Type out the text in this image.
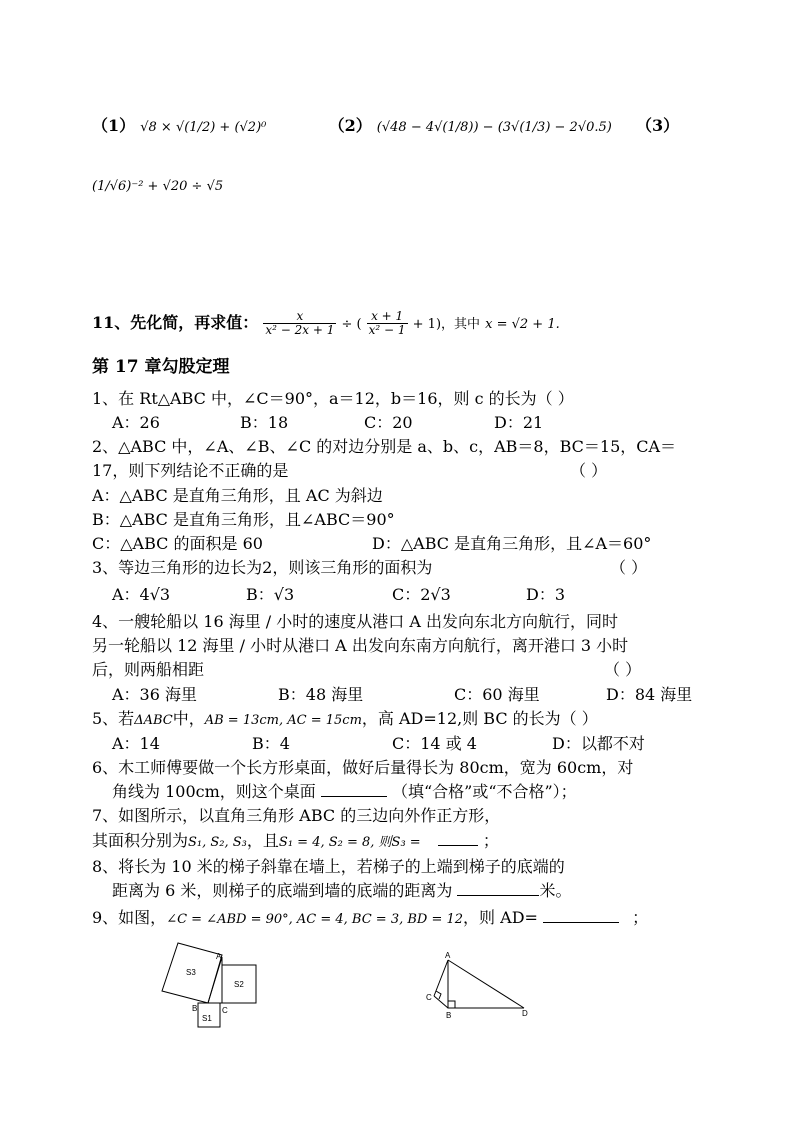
（1） √8 × √(1/2) + (√2)⁰	（2） (√48 − 4√(1/8)) − (3√(1/3) − 2√0.5) （3）
(1/√6)⁻² + √20 ÷ √5
11、先化简，再求值： $\frac{x}{\text{x² − 2x + 1}}$ ÷ ( $\frac{x + 1}{\text{x² − 1}} + 1$)，其中 x = √2 + 1.
第 17 章勾股定理
1、在 Rt△ABC 中，∠C＝90°，a＝12，b＝16，则 c 的长为（ ）
A：26	B：18	C：20	D：21
2、△ABC 中，∠A、∠B、∠C 的对边分别是 a、b、c，AB＝8，BC＝15，CA＝
17，则下列结论不正确的是	（ ）
A：△ABC 是直角三角形，且 AC 为斜边
B：△ABC 是直角三角形，且∠ABC＝90°
C：△ABC 的面积是 60	D：△ABC 是直角三角形，且∠A＝60°
3、等边三角形的边长为2，则该三角形的面积为	（ ）
A：4√3	B：√3	C：2√3	D：3
4、一艘轮船以 16 海里 / 小时的速度从港口 A 出发向东北方向航行，同时
另一轮船以 12 海里 / 小时从港口 A 出发向东南方向航行，离开港口 3 小时
后，则两船相距	（ ）
A：36 海里	B：48 海里	C：60 海里	D：84 海里
5、若ΔABC中，AB = 13cm, AC = 15cm，高 AD=12,则 BC 的长为（ ）
A：14	B：4	C：14 或 4	D：以都不对
6、木工师傅要做一个长方形桌面，做好后量得长为 80cm，宽为 60cm，对
角线为 100cm，则这个桌面	（填“合格”或“不合格”）；
7、如图所示，以直角三角形 ABC 的三边向外作正方形，
其面积分别为S₁, S₂, S₃，且S₁ = 4, S₂ = 8, 则S₃ =	；
8、将长为 10 米的梯子斜靠在墙上，若梯子的上端到梯子的底端的
距离为 6 米，则梯子的底端到墙的底端的距离为	米。
9、如图，∠C = ∠ABD = 90°, AC = 4, BC = 3, BD = 12，则 AD=	；
S3
S2
S1
A
B	C
A
B
C
D
